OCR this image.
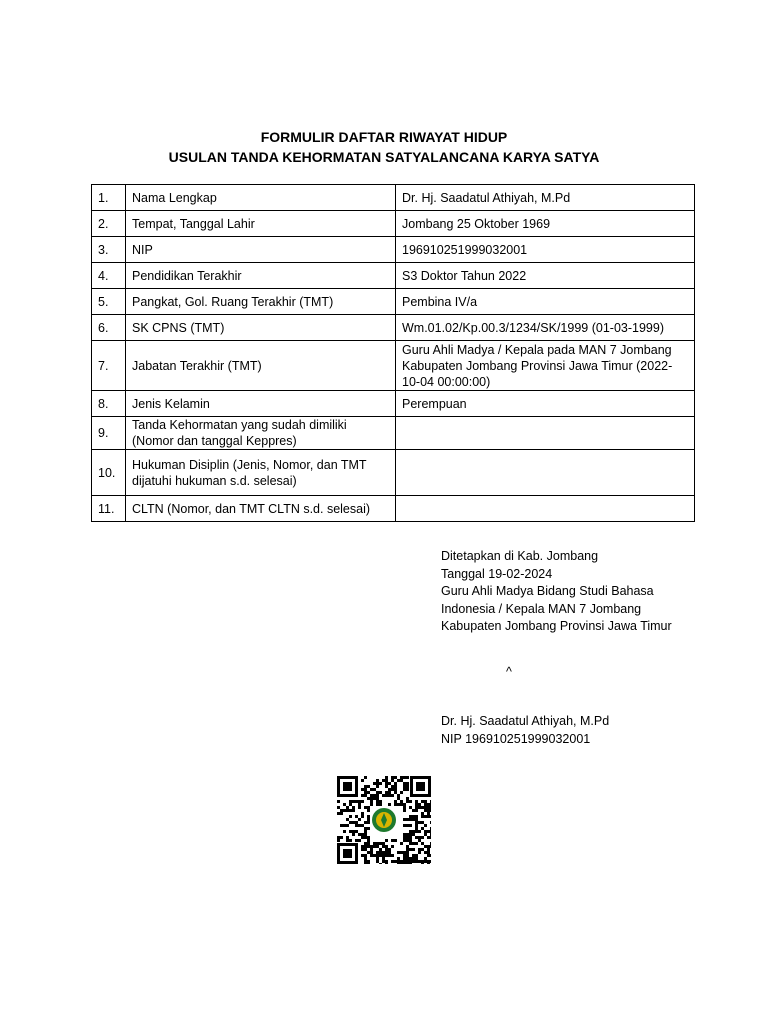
FORMULIR DAFTAR RIWAYAT HIDUP
USULAN TANDA KEHORMATAN SATYALANCANA KARYA SATYA
1.	Nama Lengkap	Dr. Hj. Saadatul Athiyah, M.Pd
2.	Tempat, Tanggal Lahir	Jombang 25 Oktober 1969
3.	NIP	196910251999032001
4.	Pendidikan Terakhir	S3 Doktor Tahun 2022
5.	Pangkat, Gol. Ruang Terakhir (TMT)	Pembina IV/a
6.	SK CPNS (TMT)	Wm.01.02/Kp.00.3/1234/SK/1999 (01-03-1999)
7.	Jabatan Terakhir (TMT)	Guru Ahli Madya / Kepala pada MAN 7 Jombang Kabupaten Jombang Provinsi Jawa Timur (2022-10-04 00:00:00)
8.	Jenis Kelamin	Perempuan
9.	Tanda Kehormatan yang sudah dimiliki (Nomor dan tanggal Keppres)	
10.	Hukuman Disiplin (Jenis, Nomor, dan TMT dijatuhi hukuman s.d. selesai)	
11.	CLTN (Nomor, dan TMT CLTN s.d. selesai)	
Ditetapkan di Kab. Jombang
Tanggal 19-02-2024
Guru Ahli Madya Bidang Studi Bahasa
Indonesia / Kepala MAN 7 Jombang
Kabupaten Jombang Provinsi Jawa Timur
^
Dr. Hj. Saadatul Athiyah, M.Pd
NIP 196910251999032001
